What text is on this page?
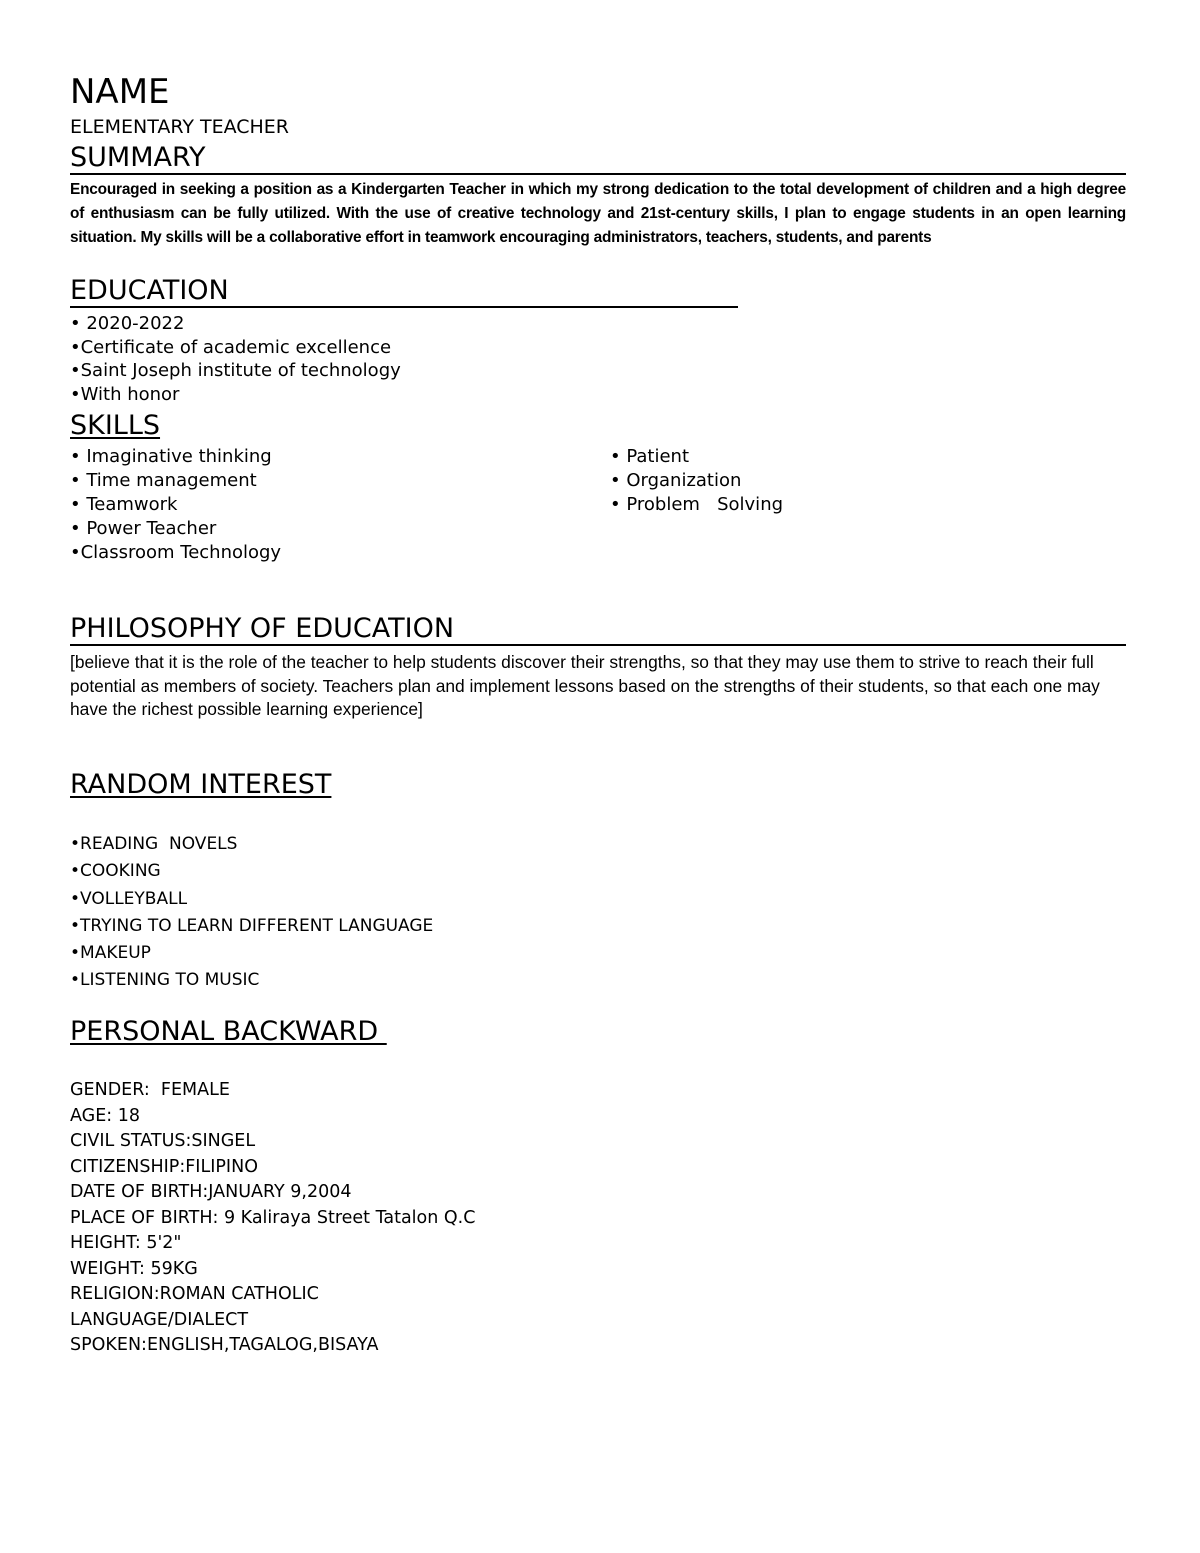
NAME
ELEMENTARY TEACHER
SUMMARY
Encouraged in seeking a position as a Kindergarten Teacher in which my strong dedication to the total development of children and a high degree of enthusiasm can be fully utilized. With the use of creative technology and 21st-century skills, I plan to engage students in an open learning situation. My skills will be a collaborative effort in teamwork encouraging administrators, teachers, students, and parents
EDUCATION
• 2020-2022
•Certificate of academic excellence
•Saint Joseph institute of technology
•With honor
SKILLS
• Imaginative thinking
• Time management
• Teamwork
• Power Teacher
•Classroom Technology
• Patient
• Organization
• Problem   Solving
PHILOSOPHY OF EDUCATION
[believe that it is the role of the teacher to help students discover their strengths, so that they may use them to strive to reach their full potential as members of society. Teachers plan and implement lessons based on the strengths of their students, so that each one may have the richest possible learning experience]
RANDOM INTEREST
•READING  NOVELS
•COOKING
•VOLLEYBALL
•TRYING TO LEARN DIFFERENT LANGUAGE
•MAKEUP
•LISTENING TO MUSIC
PERSONAL BACKWARD
GENDER:  FEMALE
AGE: 18
CIVIL STATUS:SINGEL
CITIZENSHIP:FILIPINO
DATE OF BIRTH:JANUARY 9,2004
PLACE OF BIRTH: 9 Kaliraya Street Tatalon Q.C
HEIGHT: 5'2"
WEIGHT: 59KG
RELIGION:ROMAN CATHOLIC
LANGUAGE/DIALECT
SPOKEN:ENGLISH,TAGALOG,BISAYA
